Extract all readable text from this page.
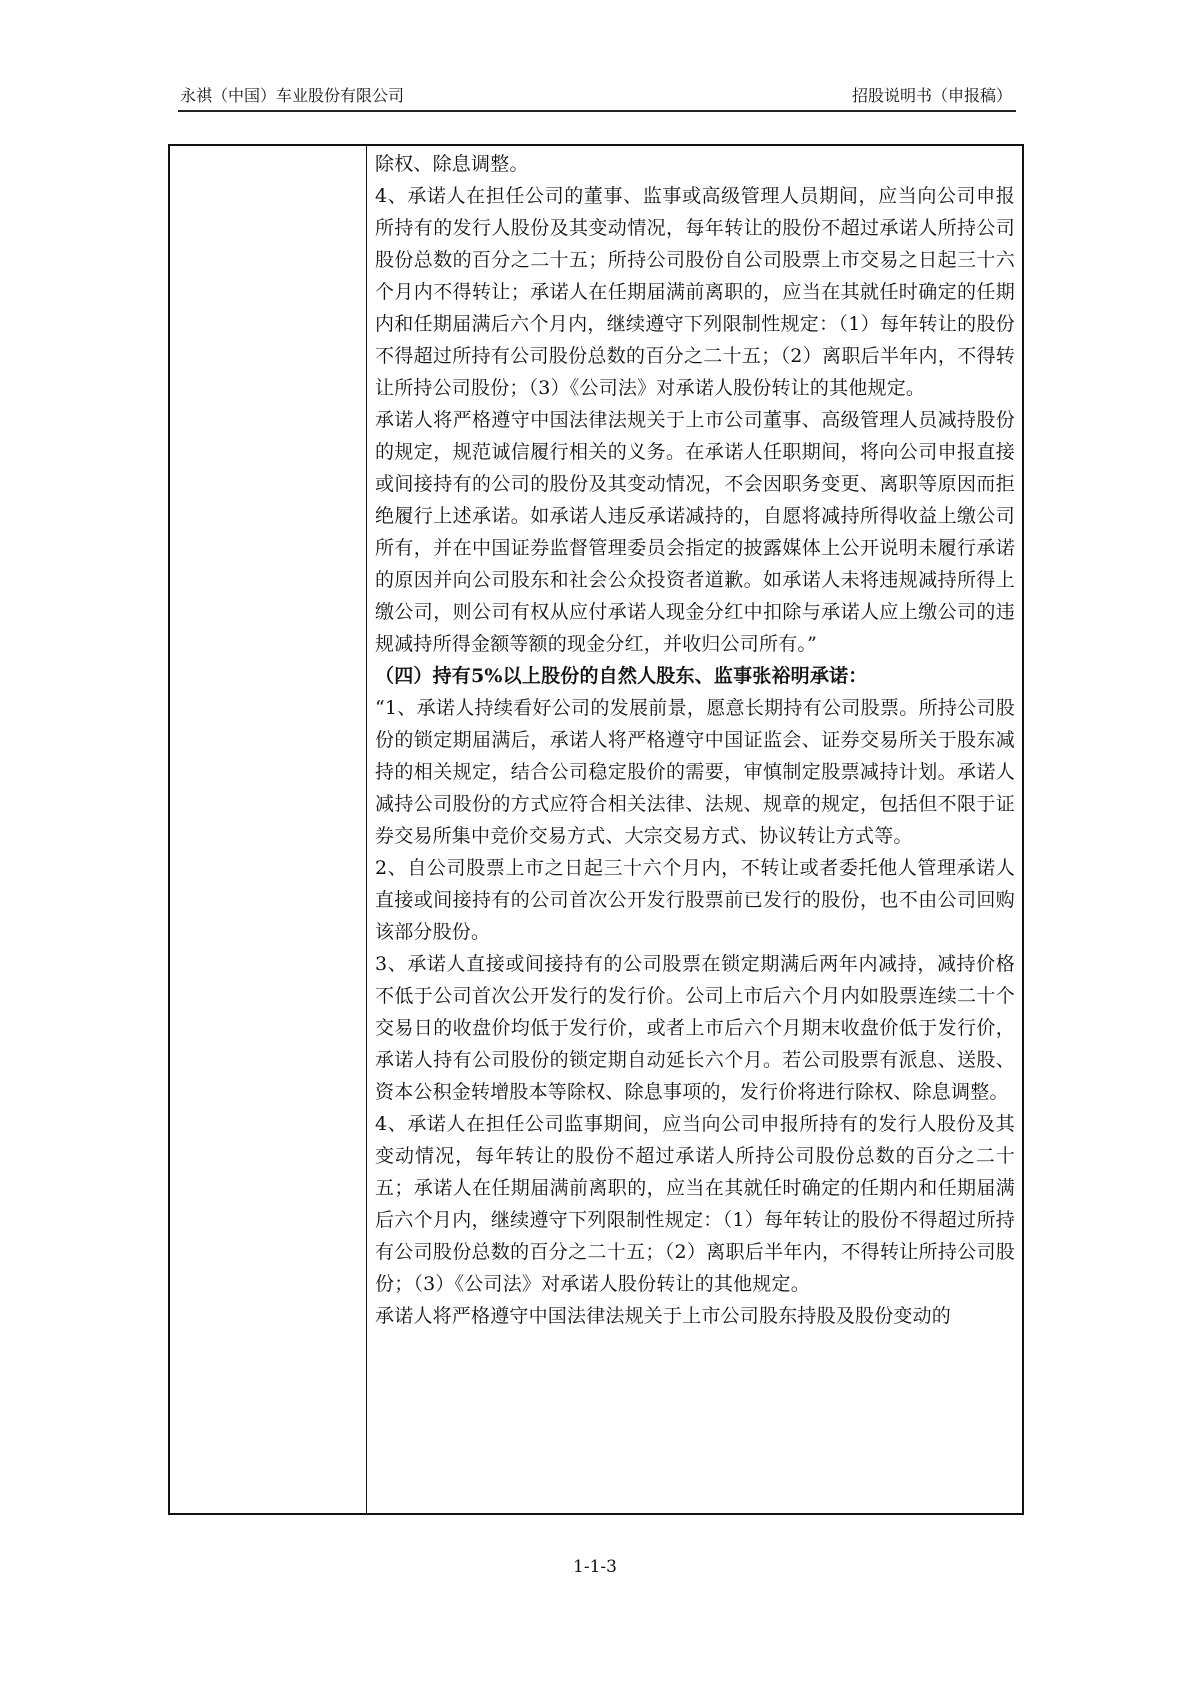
永祺（中国）车业股份有限公司	招股说明书（申报稿）

除权、除息调整。

4、承诺人在担任公司的董事、监事或高级管理人员期间，应当向公司申报所持有的发行人股份及其变动情况，每年转让的股份不超过承诺人所持公司股份总数的百分之二十五；所持公司股份自公司股票上市交易之日起三十六个月内不得转让；承诺人在任期届满前离职的，应当在其就任时确定的任期内和任期届满后六个月内，继续遵守下列限制性规定：（1）每年转让的股份不得超过所持有公司股份总数的百分之二十五；（2）离职后半年内，不得转让所持公司股份；（3）《公司法》对承诺人股份转让的其他规定。

承诺人将严格遵守中国法律法规关于上市公司董事、高级管理人员减持股份的规定，规范诚信履行相关的义务。在承诺人任职期间，将向公司申报直接或间接持有的公司的股份及其变动情况，不会因职务变更、离职等原因而拒绝履行上述承诺。如承诺人违反承诺减持的，自愿将减持所得收益上缴公司所有，并在中国证券监督管理委员会指定的披露媒体上公开说明未履行承诺的原因并向公司股东和社会公众投资者道歉。如承诺人未将违规减持所得上缴公司，则公司有权从应付承诺人现金分红中扣除与承诺人应上缴公司的违规减持所得金额等额的现金分红，并收归公司所有。”

（四）持有5%以上股份的自然人股东、监事张裕明承诺：

“1、承诺人持续看好公司的发展前景，愿意长期持有公司股票。所持公司股份的锁定期届满后，承诺人将严格遵守中国证监会、证券交易所关于股东减持的相关规定，结合公司稳定股价的需要，审慎制定股票减持计划。承诺人减持公司股份的方式应符合相关法律、法规、规章的规定，包括但不限于证券交易所集中竞价交易方式、大宗交易方式、协议转让方式等。

2、自公司股票上市之日起三十六个月内，不转让或者委托他人管理承诺人直接或间接持有的公司首次公开发行股票前已发行的股份，也不由公司回购该部分股份。

3、承诺人直接或间接持有的公司股票在锁定期满后两年内减持，减持价格不低于公司首次公开发行的发行价。公司上市后六个月内如股票连续二十个交易日的收盘价均低于发行价，或者上市后六个月期末收盘价低于发行价，承诺人持有公司股份的锁定期自动延长六个月。若公司股票有派息、送股、资本公积金转增股本等除权、除息事项的，发行价将进行除权、除息调整。

4、承诺人在担任公司监事期间，应当向公司申报所持有的发行人股份及其变动情况，每年转让的股份不超过承诺人所持公司股份总数的百分之二十五；承诺人在任期届满前离职的，应当在其就任时确定的任期内和任期届满后六个月内，继续遵守下列限制性规定：（1）每年转让的股份不得超过所持有公司股份总数的百分之二十五；（2）离职后半年内，不得转让所持公司股份；（3）《公司法》对承诺人股份转让的其他规定。

承诺人将严格遵守中国法律法规关于上市公司股东持股及股份变动的

1-1-3
